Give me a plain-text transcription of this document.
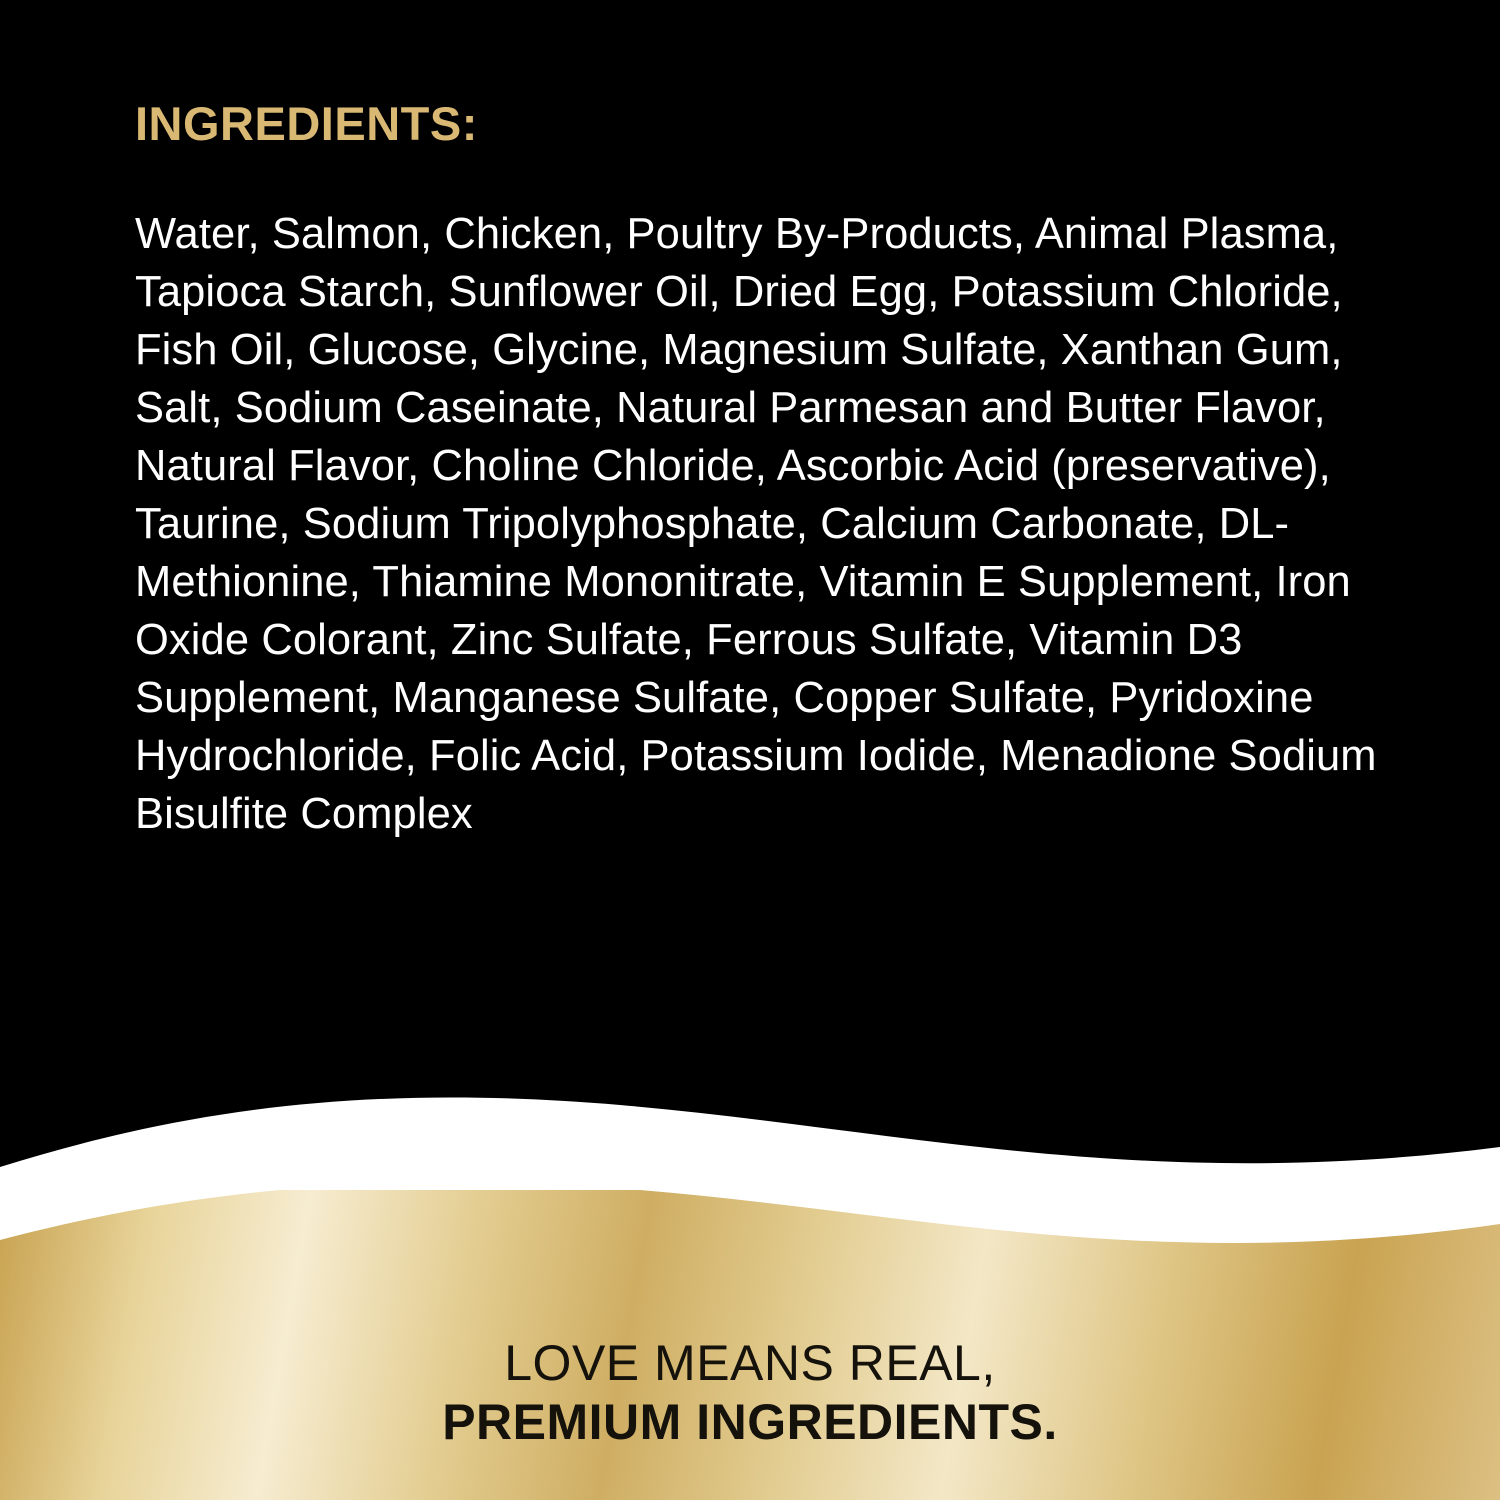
INGREDIENTS:

Water, Salmon, Chicken, Poultry By-Products, Animal Plasma, Tapioca Starch, Sunflower Oil, Dried Egg, Potassium Chloride, Fish Oil, Glucose, Glycine, Magnesium Sulfate, Xanthan Gum, Salt, Sodium Caseinate, Natural Parmesan and Butter Flavor, Natural Flavor, Choline Chloride, Ascorbic Acid (preservative), Taurine, Sodium Tripolyphosphate, Calcium Carbonate, DL-Methionine, Thiamine Mononitrate, Vitamin E Supplement, Iron Oxide Colorant, Zinc Sulfate, Ferrous Sulfate, Vitamin D3 Supplement, Manganese Sulfate, Copper Sulfate, Pyridoxine Hydrochloride, Folic Acid, Potassium Iodide, Menadione Sodium Bisulfite Complex

LOVE MEANS REAL,
PREMIUM INGREDIENTS.
